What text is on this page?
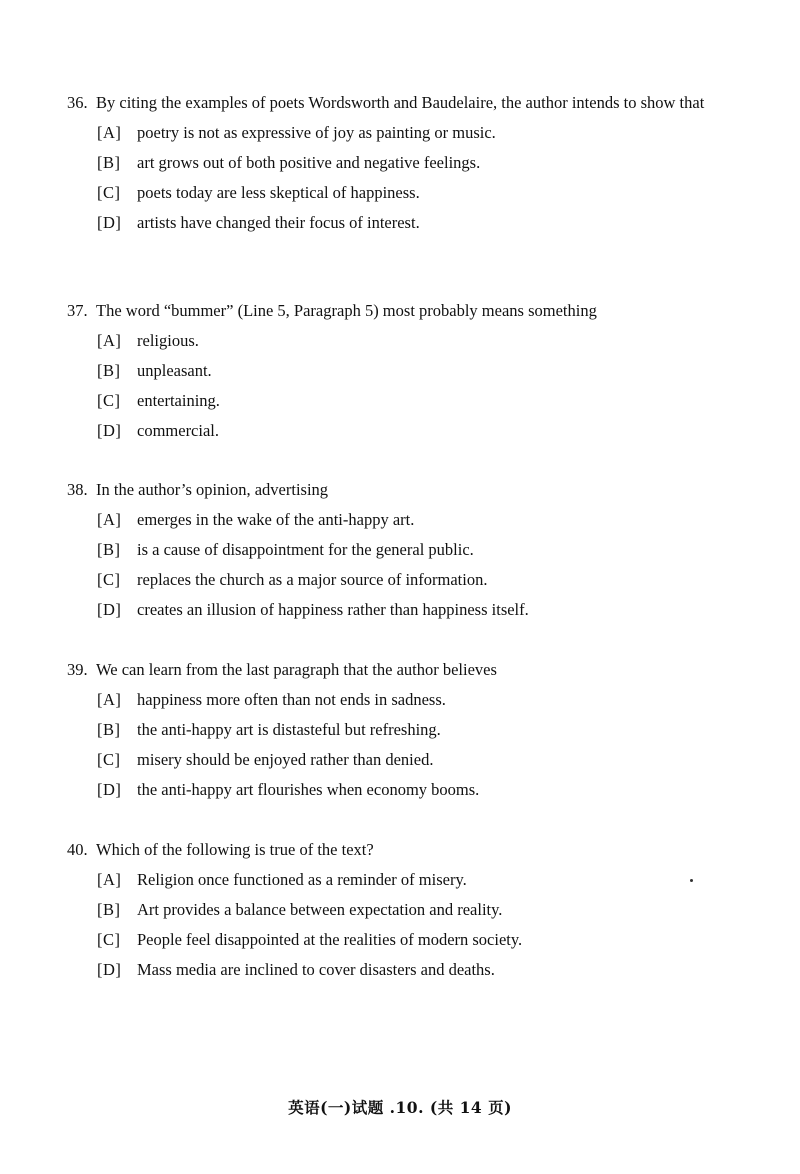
36. By citing the examples of poets Wordsworth and Baudelaire, the author intends to show that
[A] poetry is not as expressive of joy as painting or music.
[B]	art grows out of both positive and negative feelings.
[C]	poets today are less skeptical of happiness.
[D] artists have changed their focus of interest.
37. The word “bummer” (Line 5, Paragraph 5) most probably means something
[A] religious.
[B]	unpleasant.
[C]	entertaining.
[D] commercial.
38. In the author’s opinion, advertising
[A] emerges in the wake of the anti-happy art.
[B]	is a cause of disappointment for the general public.
[C]	replaces the church as a major source of information.
[D] creates an illusion of happiness rather than happiness itself.
39. We can learn from the last paragraph that the author believes
[A] happiness more often than not ends in sadness.
[B]	the anti-happy art is distasteful but refreshing.
[C]	misery should be enjoyed rather than denied.
[D] the anti-happy art flourishes when economy booms.
40. Which of the following is true of the text?
[A] Religion once functioned as a reminder of misery.
[B]	Art provides a balance between expectation and reality.
[C]	People feel disappointed at the realities of modern society.
[D] Mass media are inclined to cover disasters and deaths.
英语(一)试题 .10. (共 14 页)
